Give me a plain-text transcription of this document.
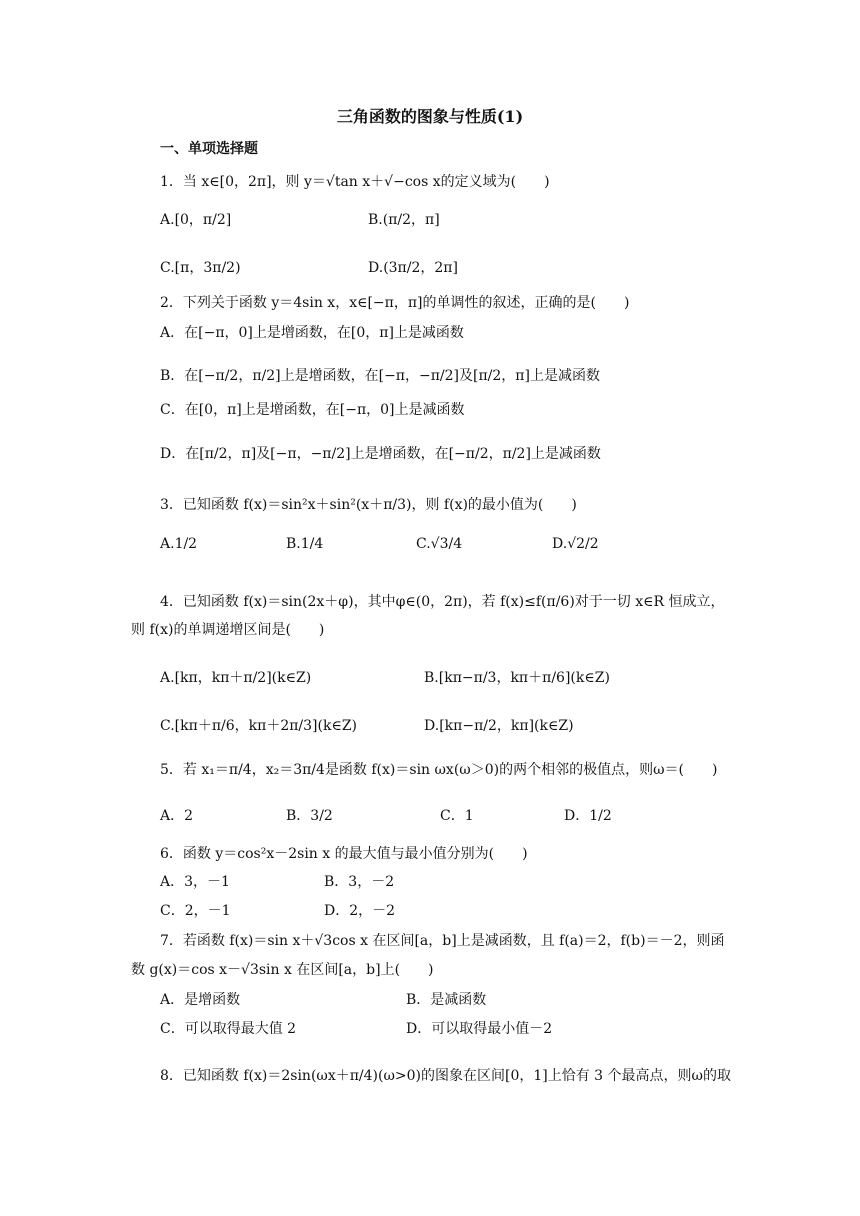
三角函数的图象与性质(1)
一、单项选择题
1．当 x∈[0，2π]，则 y＝√tan x＋√−cos x的定义域为(　　)
A.[0，π/2]	B.(π/2，π]
C.[π，3π/2)	D.(3π/2，2π]
2．下列关于函数 y＝4sin x，x∈[−π，π]的单调性的叙述，正确的是(　　)
A．在[−π，0]上是增函数，在[0，π]上是减函数
B．在[−π/2，π/2]上是增函数，在[−π，−π/2]及[π/2，π]上是减函数
C．在[0，π]上是增函数，在[−π，0]上是减函数
D．在[π/2，π]及[−π，−π/2]上是增函数，在[−π/2，π/2]上是减函数
3．已知函数 f(x)＝sin²x＋sin²(x＋π/3)，则 f(x)的最小值为(　　)
A.1/2	B.1/4	C.√3/4	D.√2/2
4．已知函数 f(x)＝sin(2x＋φ)，其中φ∈(0，2π)，若 f(x)≤f(π/6)对于一切 x∈R 恒成立，
则 f(x)的单调递增区间是(　　)
A.[kπ，kπ＋π/2](k∈Z)	B.[kπ−π/3，kπ＋π/6](k∈Z)
C.[kπ＋π/6，kπ＋2π/3](k∈Z)	D.[kπ−π/2，kπ](k∈Z)
5．若 x₁＝π/4，x₂＝3π/4是函数 f(x)＝sin ωx(ω＞0)的两个相邻的极值点，则ω＝(　　)
A．2	B．3/2	C．1	D．1/2
6．函数 y＝cos²x－2sin x 的最大值与最小值分别为(　　)
A．3，－1	B．3，－2
C．2，－1	D．2，－2
7．若函数 f(x)＝sin x＋√3cos x 在区间[a，b]上是减函数，且 f(a)＝2，f(b)＝－2，则函
数 g(x)＝cos x－√3sin x 在区间[a，b]上(　　)
A．是增函数	B．是减函数
C．可以取得最大值 2	D．可以取得最小值－2
8．已知函数 f(x)＝2sin(ωx＋π/4)(ω>0)的图象在区间[0，1]上恰有 3 个最高点，则ω的取
